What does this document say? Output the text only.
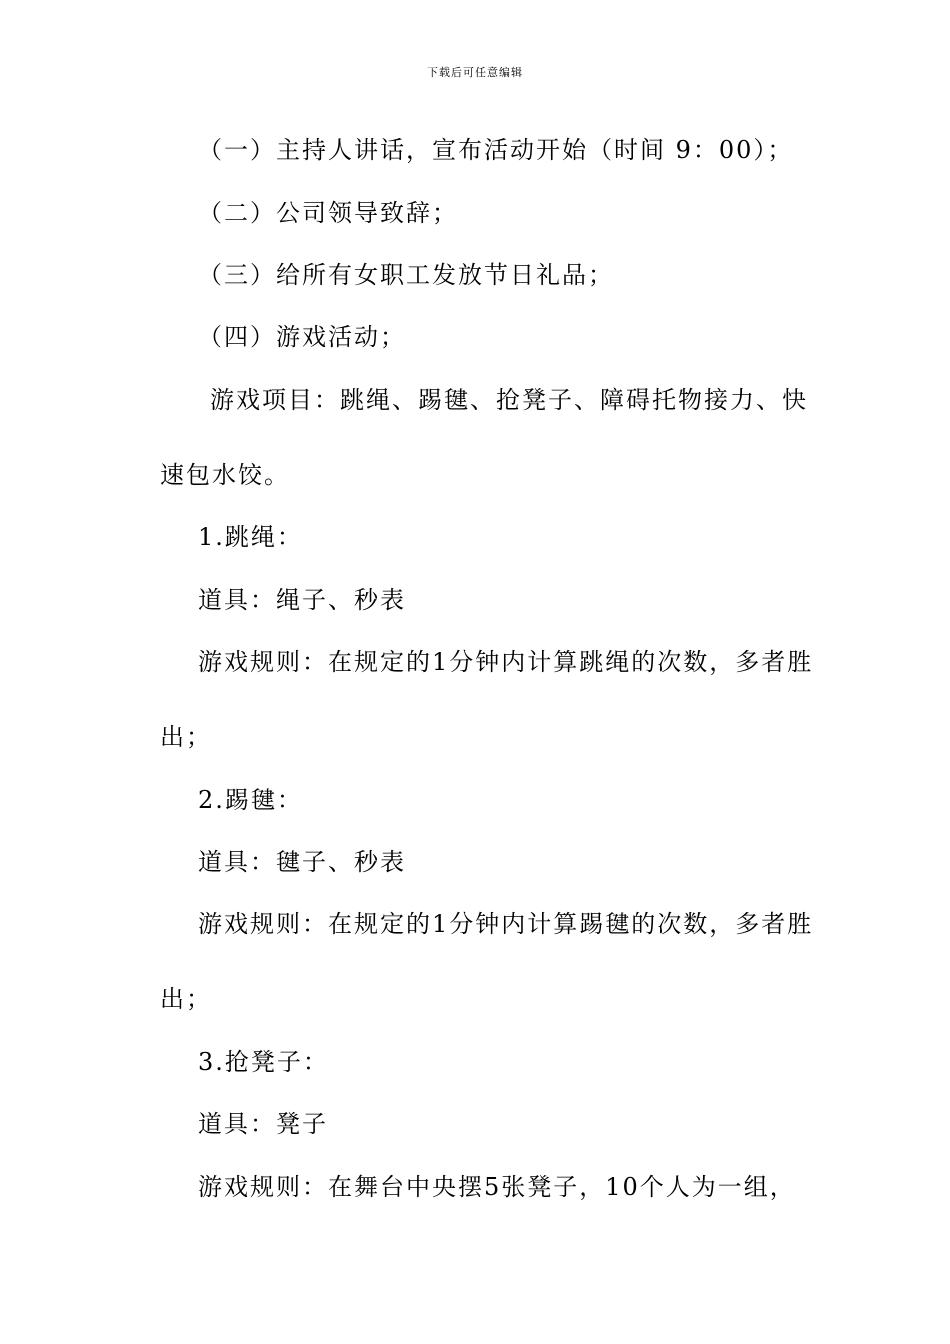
下载后可任意编辑
（一）主持人讲话，宣布活动开始（时间 9：00）；
（二）公司领导致辞；
（三）给所有女职工发放节日礼品；
（四）游戏活动；
游戏项目：跳绳、踢毽、抢凳子、障碍托物接力、快
速包水饺。
1.跳绳：
道具：绳子、秒表
游戏规则：在规定的1分钟内计算跳绳的次数，多者胜
出；
2.踢毽：
道具：毽子、秒表
游戏规则：在规定的1分钟内计算踢毽的次数，多者胜
出；
3.抢凳子：
道具：凳子
游戏规则：在舞台中央摆5张凳子，10个人为一组，
